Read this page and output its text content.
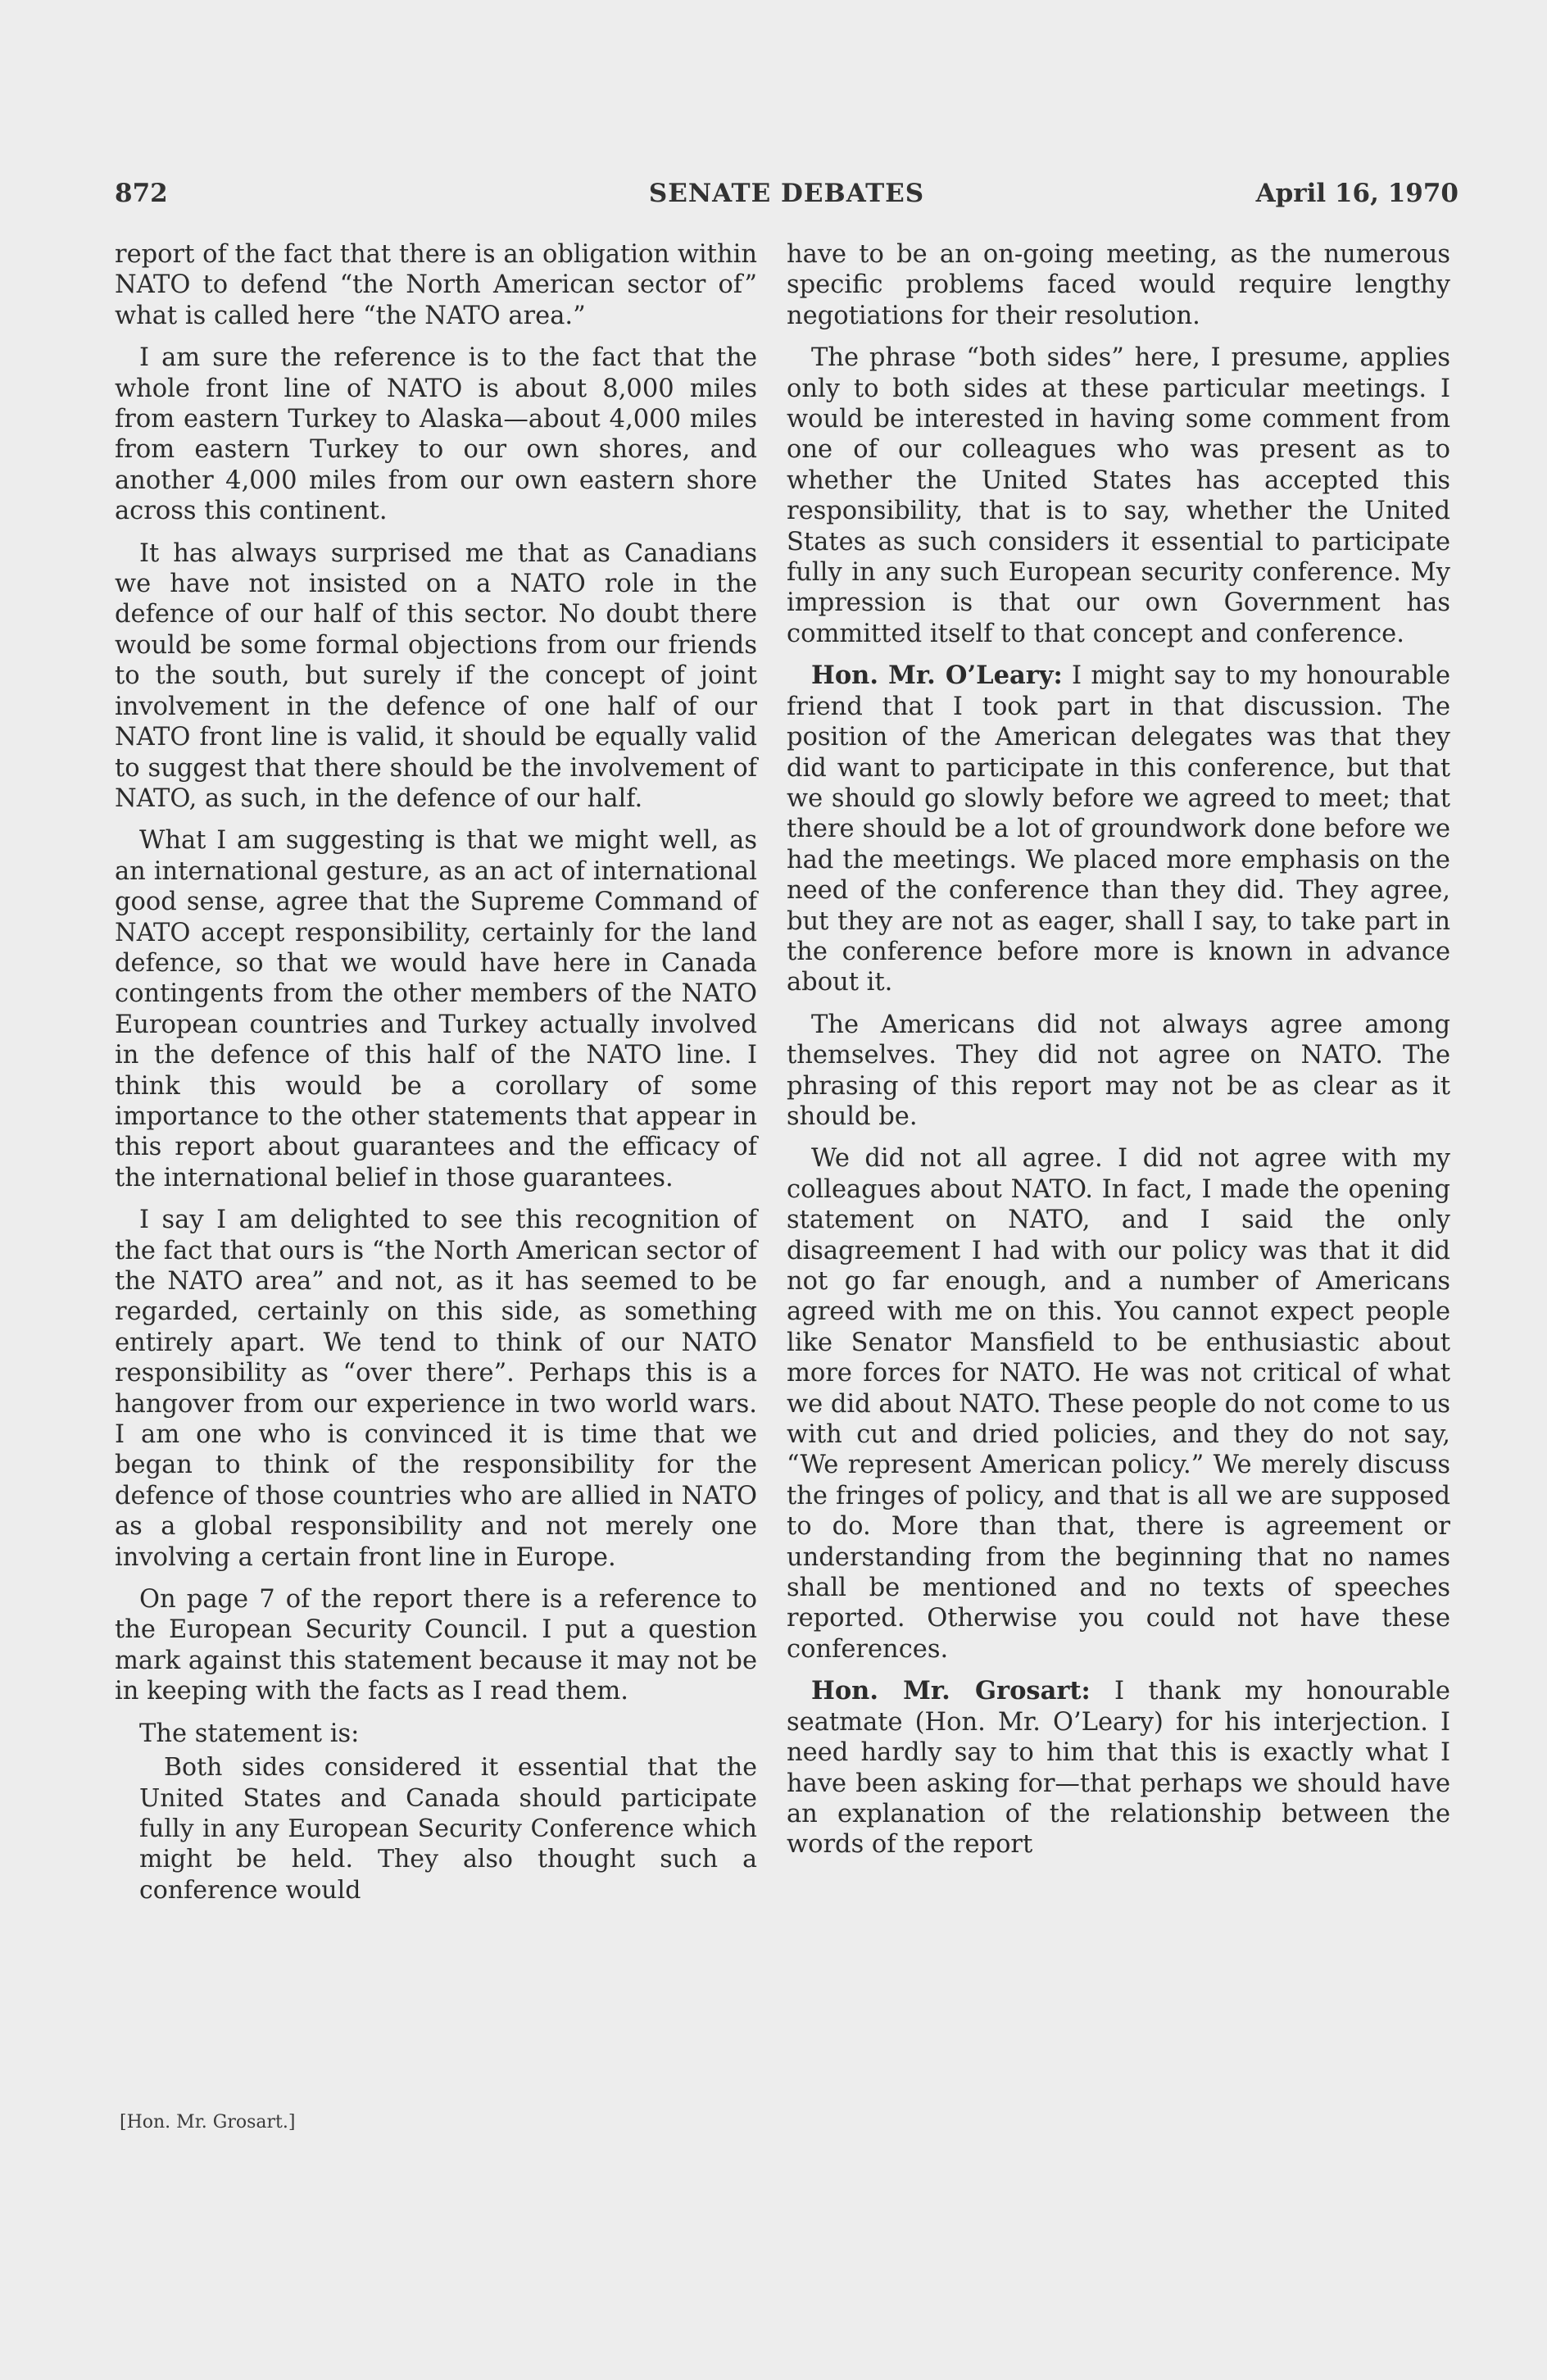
872	SENATE DEBATES	April 16, 1970

report of the fact that there is an obligation within NATO to defend “the North American sector of” what is called here “the NATO area.”

I am sure the reference is to the fact that the whole front line of NATO is about 8,000 miles from eastern Turkey to Alaska—about 4,000 miles from eastern Turkey to our own shores, and another 4,000 miles from our own eastern shore across this continent.

It has always surprised me that as Canadians we have not insisted on a NATO role in the defence of our half of this sector. No doubt there would be some formal objections from our friends to the south, but surely if the concept of joint involvement in the defence of one half of our NATO front line is valid, it should be equally valid to suggest that there should be the involvement of NATO, as such, in the defence of our half.

What I am suggesting is that we might well, as an international gesture, as an act of international good sense, agree that the Supreme Command of NATO accept responsibility, certainly for the land defence, so that we would have here in Canada contingents from the other members of the NATO European countries and Turkey actually involved in the defence of this half of the NATO line. I think this would be a corollary of some importance to the other statements that appear in this report about guarantees and the efficacy of the international belief in those guarantees.

I say I am delighted to see this recognition of the fact that ours is “the North American sector of the NATO area” and not, as it has seemed to be regarded, certainly on this side, as something entirely apart. We tend to think of our NATO responsibility as “over there”. Perhaps this is a hangover from our experience in two world wars. I am one who is convinced it is time that we began to think of the responsibility for the defence of those countries who are allied in NATO as a global responsibility and not merely one involving a certain front line in Europe.

On page 7 of the report there is a reference to the European Security Council. I put a question mark against this statement because it may not be in keeping with the facts as I read them.

The statement is:

Both sides considered it essential that the United States and Canada should participate fully in any European Security Conference which might be held. They also thought such a conference would

[Hon. Mr. Grosart.]

have to be an on-going meeting, as the numerous specific problems faced would require lengthy negotiations for their resolution.

The phrase “both sides” here, I presume, applies only to both sides at these particular meetings. I would be interested in having some comment from one of our colleagues who was present as to whether the United States has accepted this responsibility, that is to say, whether the United States as such considers it essential to participate fully in any such European security conference. My impression is that our own Government has committed itself to that concept and conference.

Hon. Mr. O’Leary: I might say to my honourable friend that I took part in that discussion. The position of the American delegates was that they did want to participate in this conference, but that we should go slowly before we agreed to meet; that there should be a lot of groundwork done before we had the meetings. We placed more emphasis on the need of the conference than they did. They agree, but they are not as eager, shall I say, to take part in the conference before more is known in advance about it.

The Americans did not always agree among themselves. They did not agree on NATO. The phrasing of this report may not be as clear as it should be.

We did not all agree. I did not agree with my colleagues about NATO. In fact, I made the opening statement on NATO, and I said the only disagreement I had with our policy was that it did not go far enough, and a number of Americans agreed with me on this. You cannot expect people like Senator Mansfield to be enthusiastic about more forces for NATO. He was not critical of what we did about NATO. These people do not come to us with cut and dried policies, and they do not say, “We represent American policy.” We merely discuss the fringes of policy, and that is all we are supposed to do. More than that, there is agreement or understanding from the beginning that no names shall be mentioned and no texts of speeches reported. Otherwise you could not have these conferences.

Hon. Mr. Grosart: I thank my honourable seatmate (Hon. Mr. O’Leary) for his interjection. I need hardly say to him that this is exactly what I have been asking for—that perhaps we should have an explanation of the relationship between the words of the report
